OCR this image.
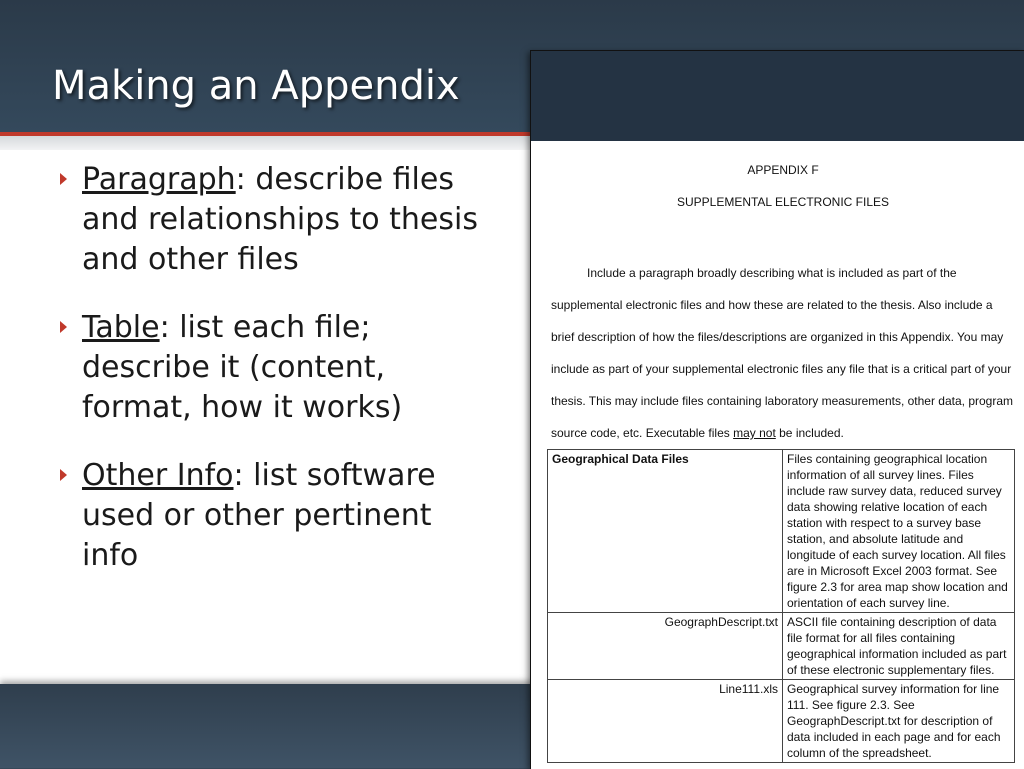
Making an Appendix
Paragraph: describe files and relationships to thesis and other files
Table: list each file; describe it (content, format, how it works)
Other Info: list software used or other pertinent info
APPENDIX F
SUPPLEMENTAL ELECTRONIC FILES

Include a paragraph broadly describing what is included as part of the
supplemental electronic files and how these are related to the thesis. Also include a
brief description of how the files/descriptions are organized in this Appendix. You may
include as part of your supplemental electronic files any file that is a critical part of your
thesis. This may include files containing laboratory measurements, other data, program
source code, etc. Executable files may not be included.

Geographical Data Files	Files containing geographical location information of all survey lines. Files include raw survey data, reduced survey data showing relative location of each station with respect to a survey base station, and absolute latitude and longitude of each survey location. All files are in Microsoft Excel 2003 format. See figure 2.3 for area map show location and orientation of each survey line.
GeographDescript.txt	ASCII file containing description of data file format for all files containing geographical information included as part of these electronic supplementary files.
Line111.xls	Geographical survey information for line 111. See figure 2.3. See GeographDescript.txt for description of data included in each page and for each column of the spreadsheet.
